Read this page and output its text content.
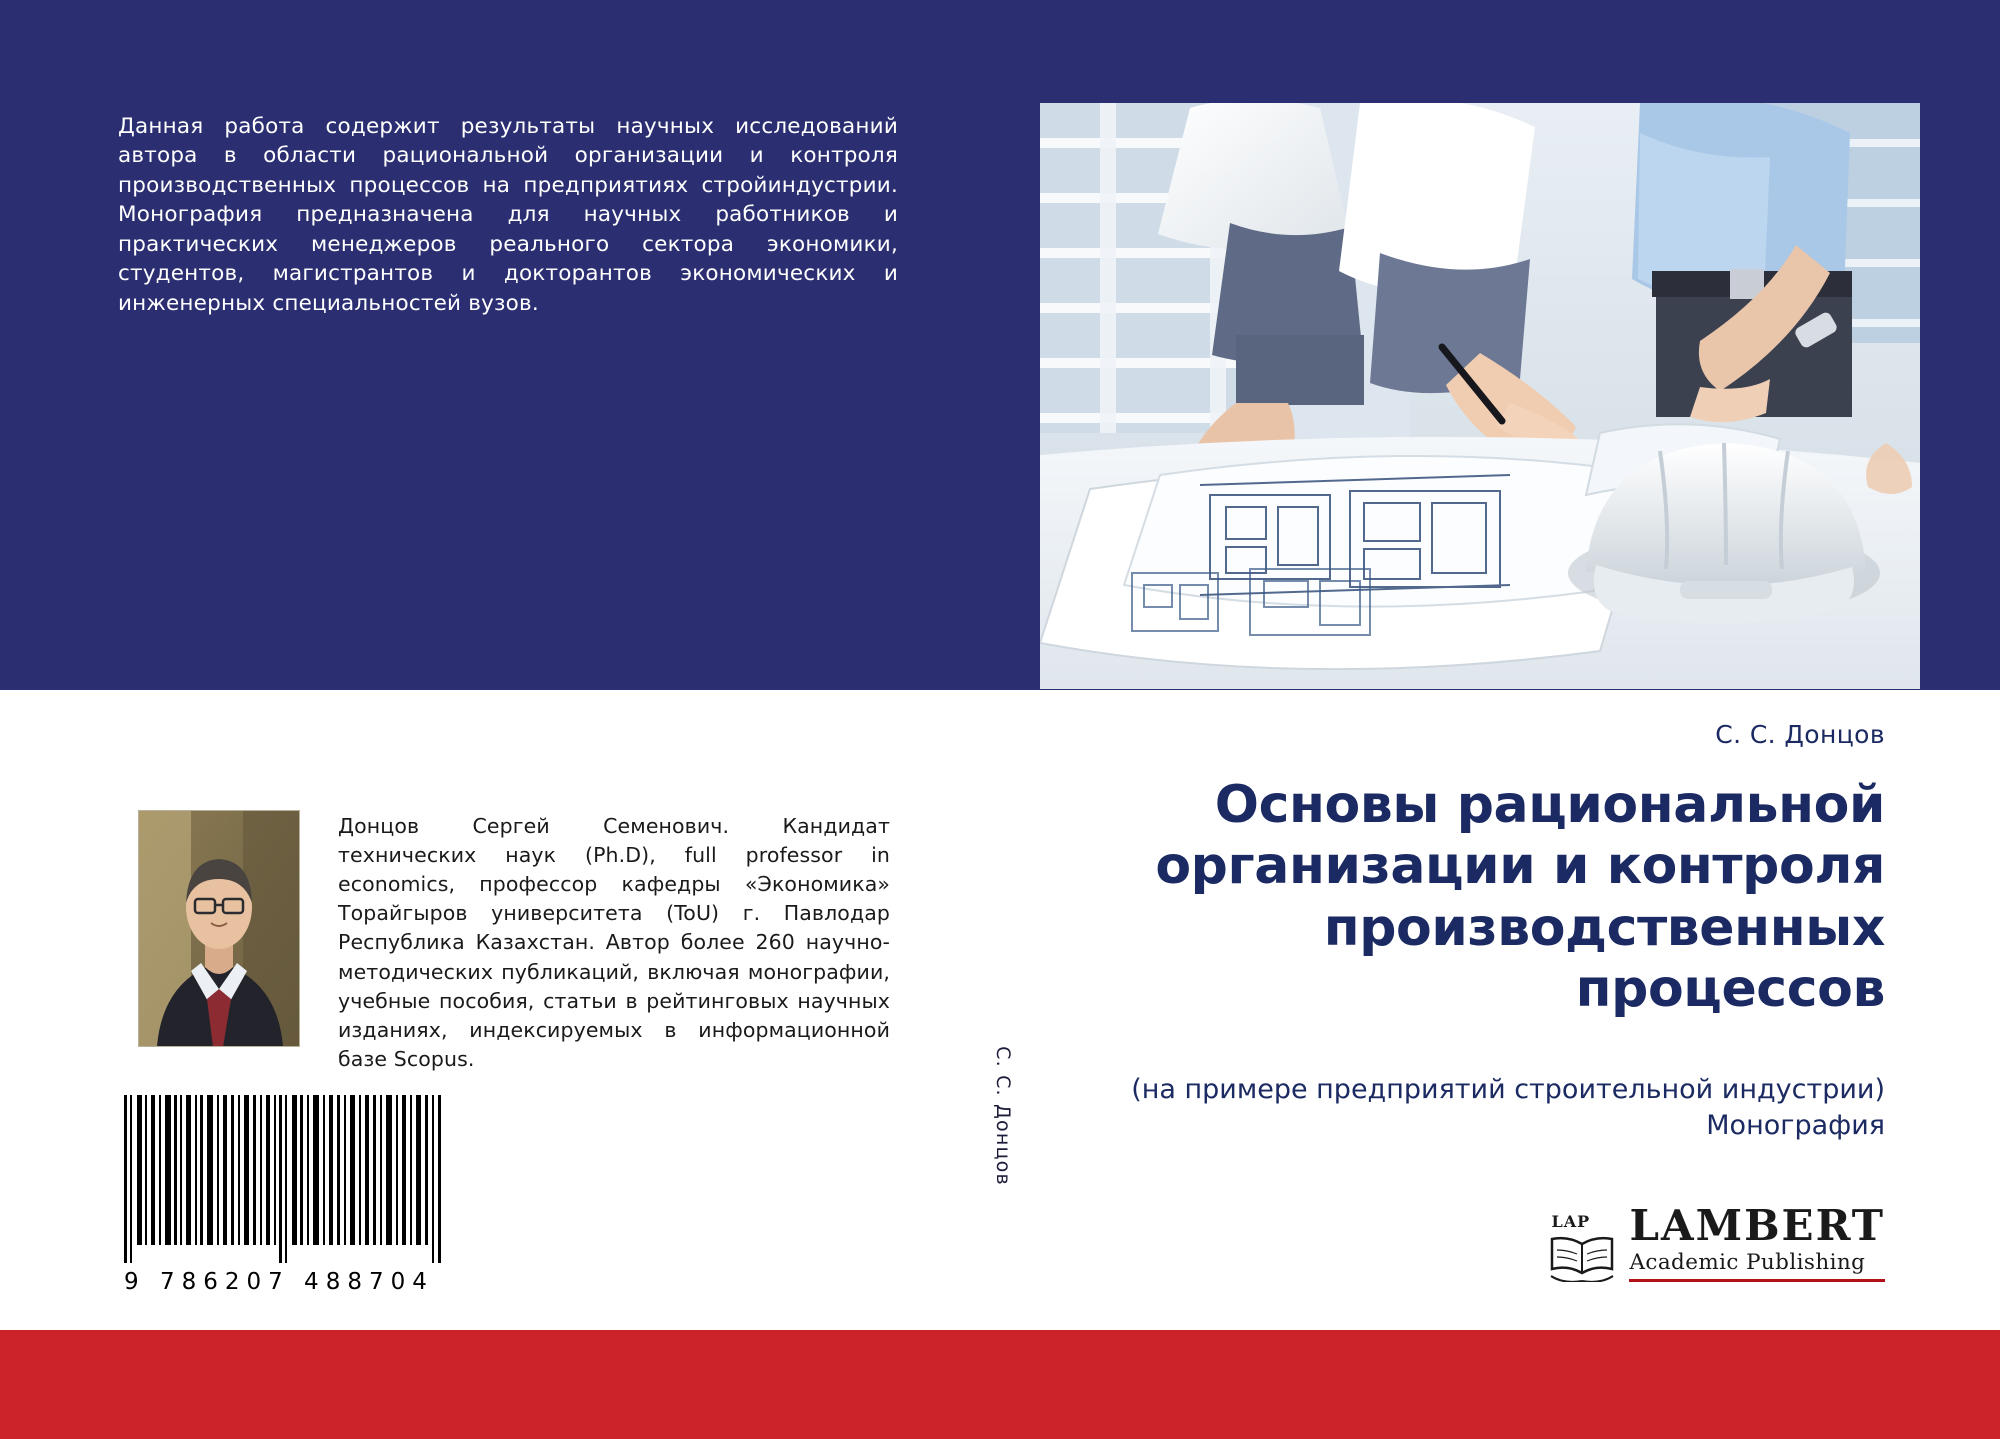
Данная работа содержит результаты научных исследований автора в области рациональной организации и контроля производственных процессов на предприятиях стройиндустрии. Монография предназначена для научных работников и практических менеджеров реального сектора экономики, студентов, магистрантов и докторантов экономических и инженерных специальностей вузов.
С. С. Донцов
Донцов Сергей Семенович. Кандидат технических наук (Ph.D), full professor in economics, профессор кафедры «Экономика» Торайгыров университета (ToU) г. Павлодар Республика Казахстан. Автор более 260 научно-методических публикаций, включая монографии, учебные пособия, статьи в рейтинговых научных изданиях, индексируемых в информационной базе Scopus.
9 786207 488704
С. С. Донцов
Основы рациональной организации и контроля производственных процессов
(на примере предприятий строительной индустрии)
Монография
LAP LAMBERT
Academic Publishing
